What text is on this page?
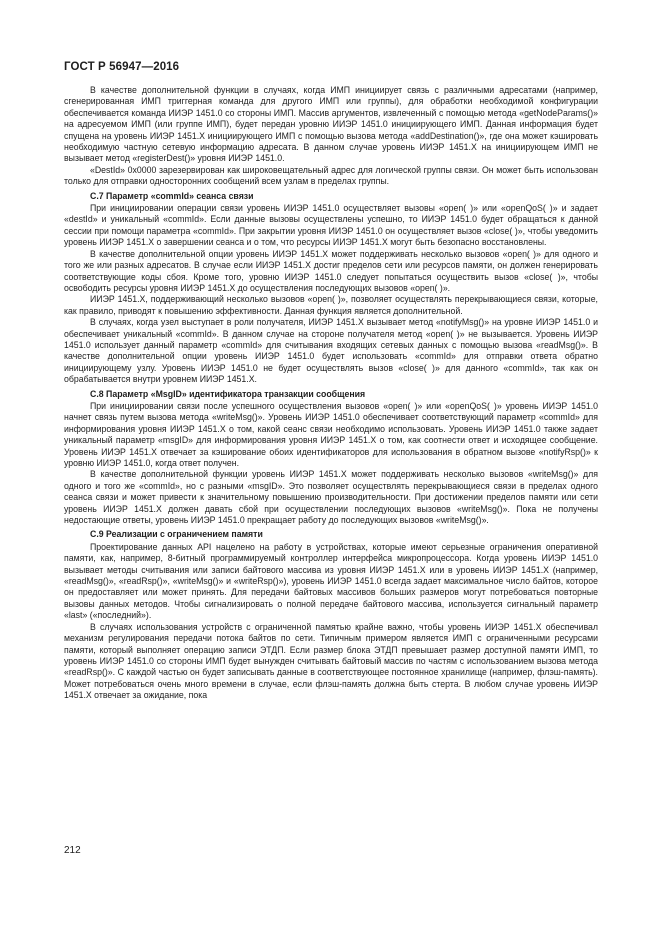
ГОСТ Р 56947—2016

В качестве дополнительной функции в случаях, когда ИМП инициирует связь с различными адресатами (например, сгенерированная ИМП триггерная команда для другого ИМП или группы), для обработки необходимой конфигурации обеспечивается команда ИИЭР 1451.0 со стороны ИМП. Массив аргументов, извлеченный с помощью метода «getNodeParams()» на адресуемом ИМП (или группе ИМП), будет передан уровню ИИЭР 1451.0 инициирующего ИМП. Данная информация будет спущена на уровень ИИЭР 1451.X инициирующего ИМП с помощью вызова метода «addDestination()», где она может кэшировать необходимую частную сетевую информацию адресата. В данном случае уровень ИИЭР 1451.X на инициирующем ИМП не вызывает метод «registerDest()» уровня ИИЭР 1451.0.

«DestId» 0х0000 зарезервирован как широковещательный адрес для логической группы связи. Он может быть использован только для отправки односторонних сообщений всем узлам в пределах группы.

С.7 Параметр «commId» сеанса связи

При инициировании операции связи уровень ИИЭР 1451.0 осуществляет вызовы «open( )» или «openQoS( )» и задает «destId» и уникальный «commId». Если данные вызовы осуществлены успешно, то ИИЭР 1451.0 будет обращаться к данной сессии при помощи параметра «commId». При закрытии уровня ИИЭР 1451.0 он осуществляет вызов «close( )», чтобы уведомить уровень ИИЭР 1451.X о завершении сеанса и о том, что ресурсы ИИЭР 1451.X могут быть безопасно восстановлены.

В качестве дополнительной опции уровень ИИЭР 1451.X может поддерживать несколько вызовов «open( )» для одного и того же или разных адресатов. В случае если ИИЭР 1451.X достиг пределов сети или ресурсов памяти, он должен генерировать соответствующие коды сбоя. Кроме того, уровню ИИЭР 1451.0 следует попытаться осуществить вызов «close( )», чтобы освободить ресурсы уровня ИИЭР 1451.X до осуществления последующих вызовов «open( )».

ИИЭР 1451.X, поддерживающий несколько вызовов «open( )», позволяет осуществлять перекрывающиеся связи, которые, как правило, приводят к повышению эффективности. Данная функция является дополнительной.

В случаях, когда узел выступает в роли получателя, ИИЭР 1451.X вызывает метод «notifyMsg()» на уровне ИИЭР 1451.0 и обеспечивает уникальный «commId». В данном случае на стороне получателя метод «open( )» не вызывается. Уровень ИИЭР 1451.0 использует данный параметр «commId» для считывания входящих сетевых данных с помощью вызова «readMsg()». В качестве дополнительной опции уровень ИИЭР 1451.0 будет использовать «commId» для отправки ответа обратно инициирующему узлу. Уровень ИИЭР 1451.0 не будет осуществлять вызов «close( )» для данного «commId», так как он обрабатывается внутри уровнем ИИЭР 1451.X.

С.8 Параметр «MsgID» идентификатора транзакции сообщения

При инициировании связи после успешного осуществления вызовов «open( )» или «openQoS( )» уровень ИИЭР 1451.0 начнет связь путем вызова метода «writeMsg()». Уровень ИИЭР 1451.0 обеспечивает соответствующий параметр «commId» для информирования уровня ИИЭР 1451.X о том, какой сеанс связи необходимо использовать. Уровень ИИЭР 1451.0 также задает уникальный параметр «msgID» для информирования уровня ИИЭР 1451.X о том, как соотнести ответ и исходящее сообщение. Уровень ИИЭР 1451.X отвечает за кэширование обоих идентификаторов для использования в обратном вызове «notifyRsp()» к уровню ИИЭР 1451.0, когда ответ получен.

В качестве дополнительной функции уровень ИИЭР 1451.X может поддерживать несколько вызовов «writeMsg()» для одного и того же «commId», но с разными «msgID». Это позволяет осуществлять перекрывающиеся связи в пределах одного сеанса связи и может привести к значительному повышению производительности. При достижении пределов памяти или сети уровень ИИЭР 1451.X должен давать сбой при осуществлении последующих вызовов «writeMsg()». Пока не получены недостающие ответы, уровень ИИЭР 1451.0 прекращает работу до последующих вызовов «writeMsg()».

С.9 Реализации с ограничением памяти

Проектирование данных API нацелено на работу в устройствах, которые имеют серьезные ограничения оперативной памяти, как, например, 8-битный программируемый контроллер интерфейса микропроцессора. Когда уровень ИИЭР 1451.0 вызывает методы считывания или записи байтового массива из уровня ИИЭР 1451.X или в уровень ИИЭР 1451.X (например, «readMsg()», «readRsp()», «writeMsg()» и «writeRsp()»), уровень ИИЭР 1451.0 всегда задает максимальное число байтов, которое он предоставляет или может принять. Для передачи байтовых массивов больших размеров могут потребоваться повторные вызовы данных методов. Чтобы сигнализировать о полной передаче байтового массива, используется сигнальный параметр «last» («последний»).

В случаях использования устройств с ограниченной памятью крайне важно, чтобы уровень ИИЭР 1451.X обеспечивал механизм регулирования передачи потока байтов по сети. Типичным примером является ИМП с ограниченными ресурсами памяти, который выполняет операцию записи ЭТДП. Если размер блока ЭТДП превышает размер доступной памяти ИМП, то уровень ИИЭР 1451.0 со стороны ИМП будет вынужден считывать байтовый массив по частям с использованием вызова метода «readRsp()». С каждой частью он будет записывать данные в соответствующее постоянное хранилище (например, флэш-память). Может потребоваться очень много времени в случае, если флэш-память должна быть стерта. В любом случае уровень ИИЭР 1451.X отвечает за ожидание, пока

212
